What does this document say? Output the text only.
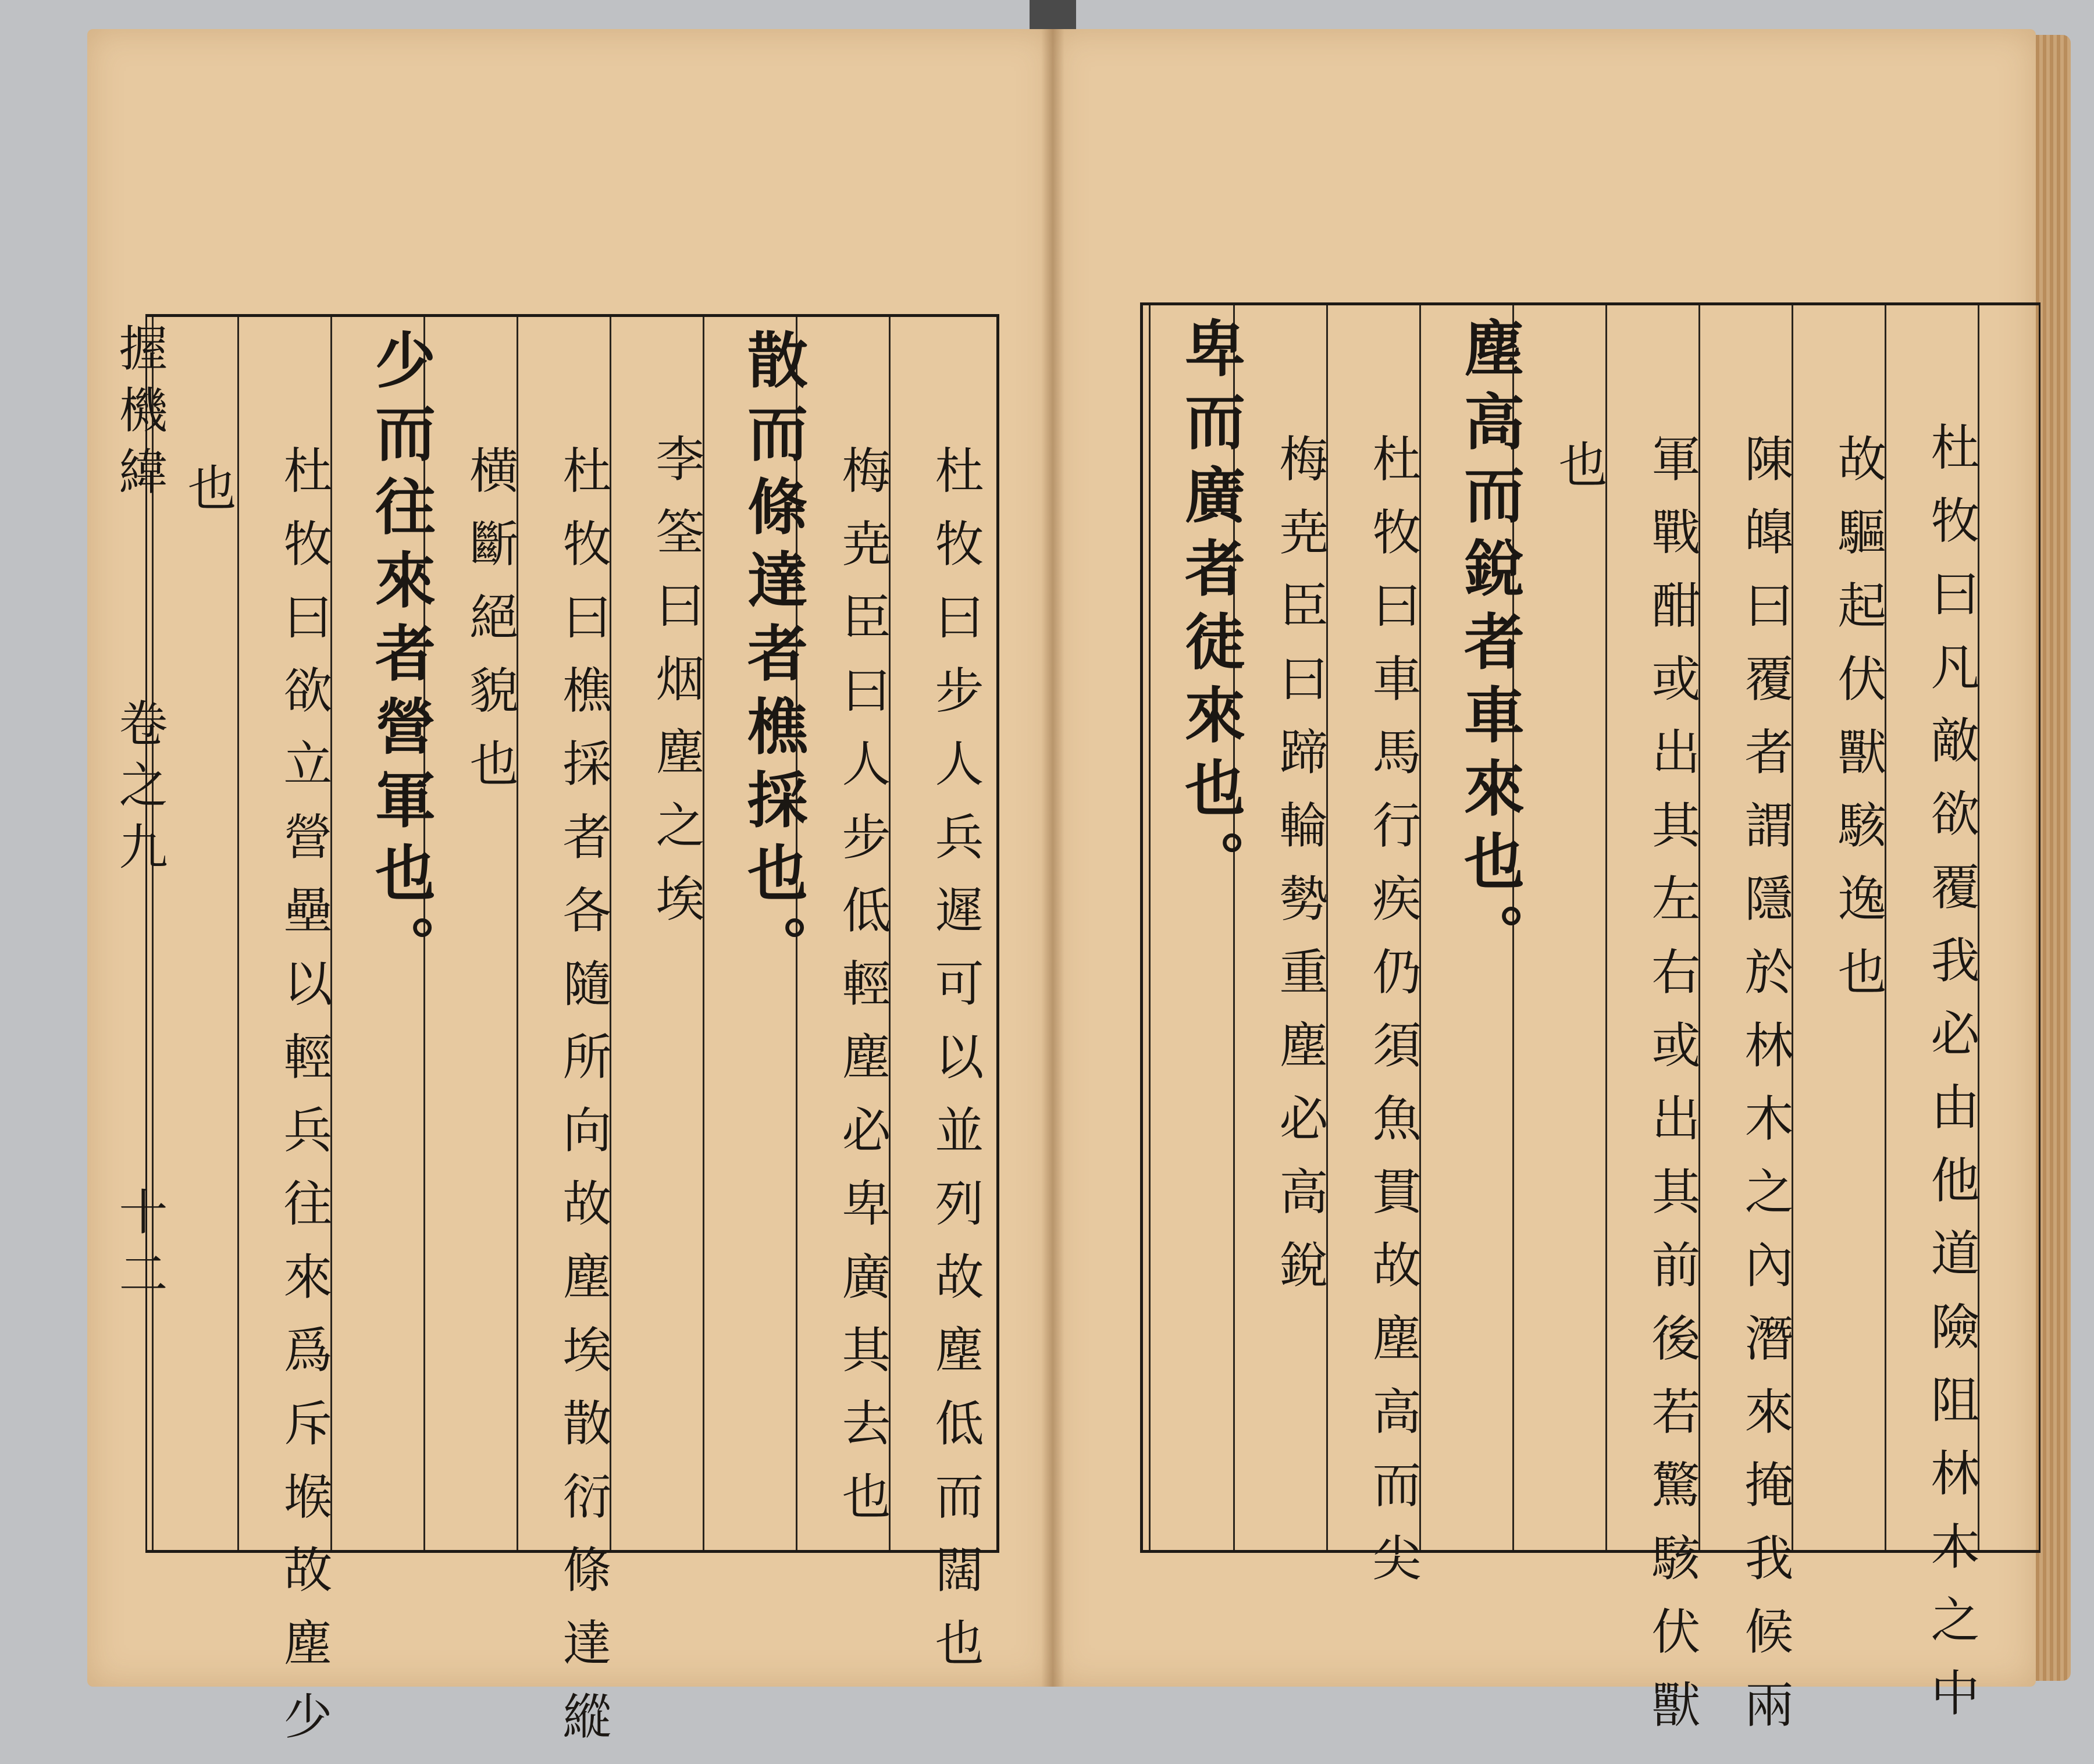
杜牧曰步人兵遲可以並列故塵低而闊也
梅尭臣曰人步低輕塵必卑廣其去也
散而條達者樵採也。
李筌曰烟塵之埃
杜牧曰樵採者各隨所向故塵埃散衍條達縱
横斷絕貌也
少而往來者營軍也。
杜牧曰欲立營壘以輕兵往來爲斥堠故塵少
也
握機緯
卷之九
十二	杜牧曰凡敵欲覆我必由他道險阻林木之中
故驅起伏獸駭逸也
陳皥曰覆者謂隱於林木之內潛來掩我候兩
軍戰酣或出其左右或出其前後若驚駭伏獸
也
塵高而銳者車來也。
杜牧曰車馬行疾仍須魚貫故塵高而尖
梅尭臣曰蹄輪勢重塵必高銳
卑而廣者徒來也。
